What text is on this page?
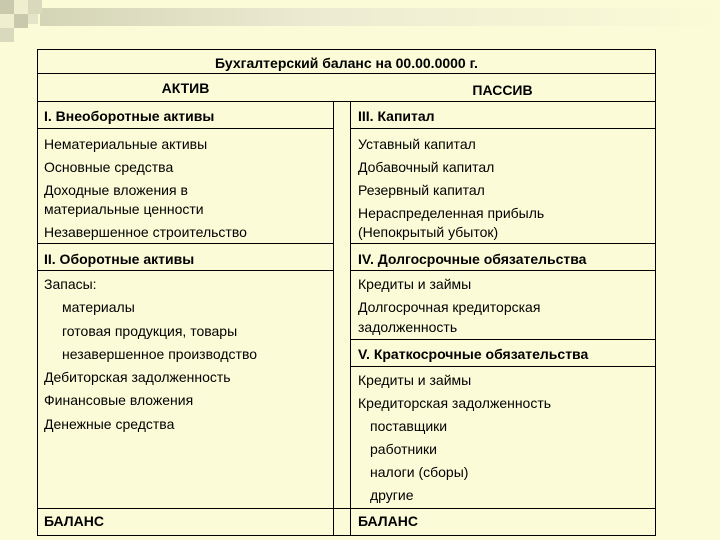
Бухгалтерский баланс на 00.00.0000 г.
АКТИВ	ПАССИВ
I. Внеоборотные активы
Нематериальные активы
Основные средства
Доходные вложения в
материальные ценности
Незавершенное строительство
II. Оборотные активы
Запасы:
материалы
готовая продукция, товары
незавершенное производство
Дебиторская задолженность
Финансовые вложения
Денежные средства
БАЛАНС
III. Капитал
Уставный капитал
Добавочный капитал
Резервный капитал
Нераспределенная прибыль
(Непокрытый убыток)
IV. Долгосрочные обязательства
Кредиты и займы
Долгосрочная кредиторская
задолженность
V. Краткосрочные обязательства
Кредиты и займы
Кредиторская задолженность
поставщики
работники
налоги (сборы)
другие
БАЛАНС
